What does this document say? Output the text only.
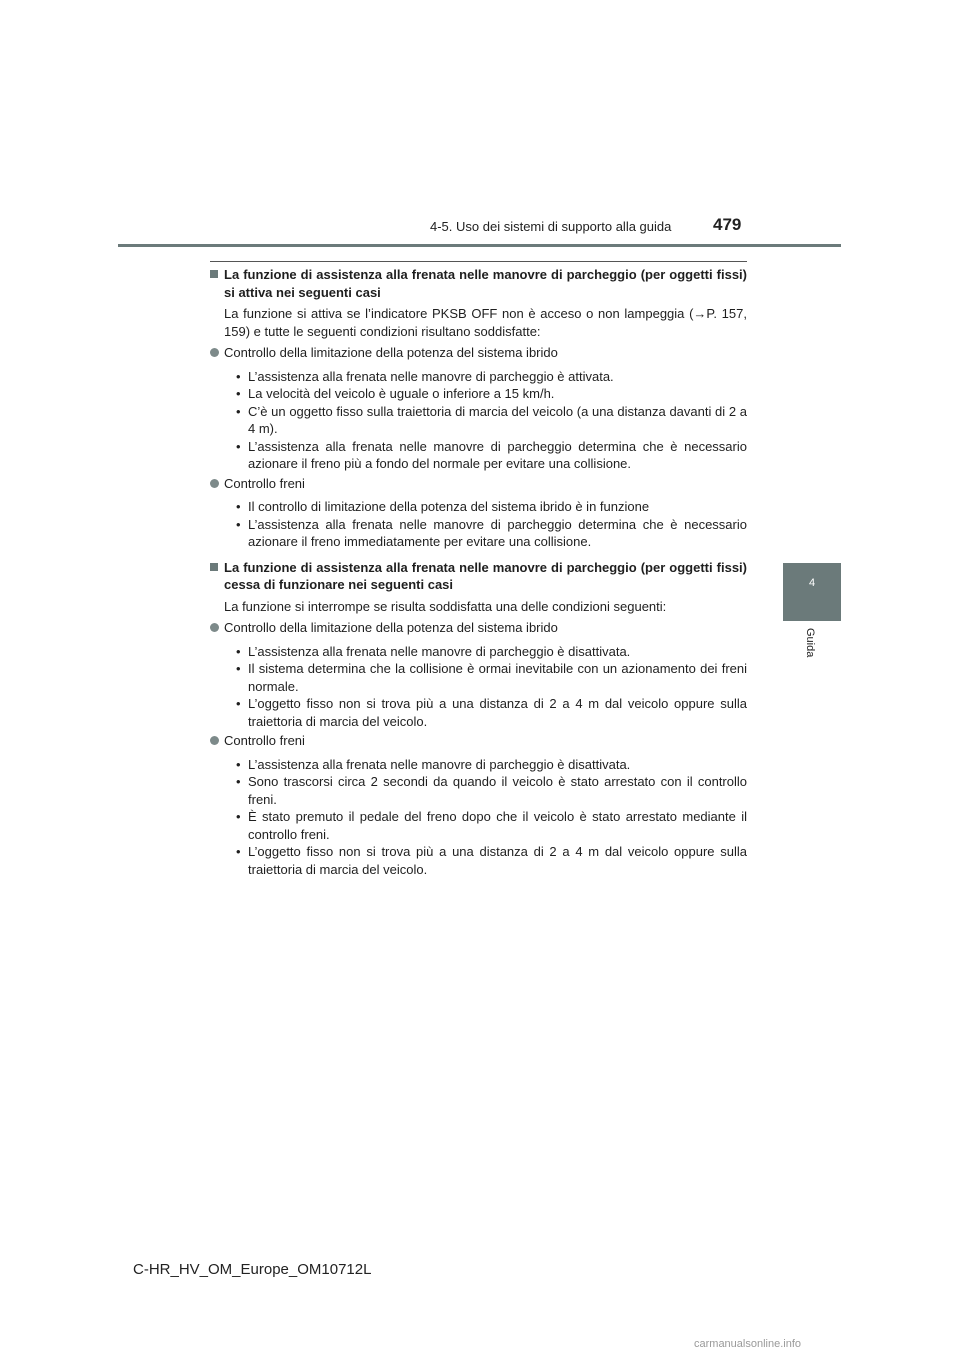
4-5. Uso dei sistemi di supporto alla guida 479
4
Guida
La funzione di assistenza alla frenata nelle manovre di parcheggio (per oggetti fissi) si attiva nei seguenti casi
La funzione si attiva se l’indicatore PKSB OFF non è acceso o non lampeggia (→P. 157, 159) e tutte le seguenti condizioni risultano soddisfatte:
Controllo della limitazione della potenza del sistema ibrido
• L’assistenza alla frenata nelle manovre di parcheggio è attivata.
• La velocità del veicolo è uguale o inferiore a 15 km/h.
• C’è un oggetto fisso sulla traiettoria di marcia del veicolo (a una distanza davanti di 2 a 4 m).
• L’assistenza alla frenata nelle manovre di parcheggio determina che è necessario azionare il freno più a fondo del normale per evitare una collisione.
Controllo freni
• Il controllo di limitazione della potenza del sistema ibrido è in funzione
• L’assistenza alla frenata nelle manovre di parcheggio determina che è necessario azionare il freno immediatamente per evitare una collisione.
La funzione di assistenza alla frenata nelle manovre di parcheggio (per oggetti fissi) cessa di funzionare nei seguenti casi
La funzione si interrompe se risulta soddisfatta una delle condizioni seguenti:
Controllo della limitazione della potenza del sistema ibrido
• L’assistenza alla frenata nelle manovre di parcheggio è disattivata.
• Il sistema determina che la collisione è ormai inevitabile con un azionamento dei freni normale.
• L’oggetto fisso non si trova più a una distanza di 2 a 4 m dal veicolo oppure sulla traiettoria di marcia del veicolo.
Controllo freni
• L’assistenza alla frenata nelle manovre di parcheggio è disattivata.
• Sono trascorsi circa 2 secondi da quando il veicolo è stato arrestato con il controllo freni.
• È stato premuto il pedale del freno dopo che il veicolo è stato arrestato mediante il controllo freni.
• L’oggetto fisso non si trova più a una distanza di 2 a 4 m dal veicolo oppure sulla traiettoria di marcia del veicolo.
C-HR_HV_OM_Europe_OM10712L
carmanualsonline.info
